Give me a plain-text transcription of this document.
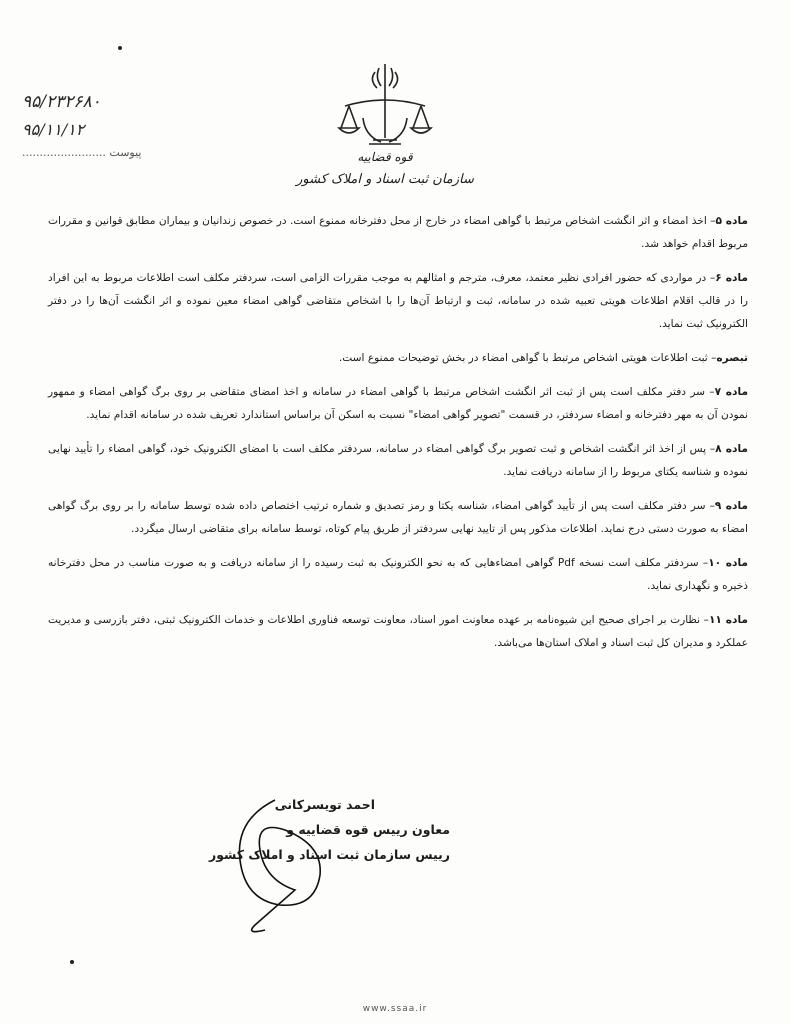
قوه قضاییه
سازمان ثبت اسناد و املاک کشور
۹۵/۲۳۲۶۸۰
۹۵/۱۱/۱۲
پیوست ........................

ماده ۵– اخذ امضاء و اثر انگشت اشخاص مرتبط با گواهی امضاء در خارج از محل دفترخانه ممنوع است. در خصوص زندانیان و بیماران مطابق قوانین و مقررات مربوط اقدام خواهد شد.

ماده ۶– در مواردی که حضور افرادی نظیر معتمد، معرف، مترجم و امثالهم به موجب مقررات الزامی است، سردفتر مکلف است اطلاعات مربوط به این افراد را در قالب اقلام اطلاعات هویتی تعبیه شده در سامانه، ثبت و ارتباط آن‌ها را با اشخاص متقاضی گواهی امضاء معین نموده و اثر انگشت آن‌ها را در دفتر الکترونیک ثبت نماید.

تبصره– ثبت اطلاعات هویتی اشخاص مرتبط با گواهی امضاء در بخش توضیحات ممنوع است.

ماده ۷– سر دفتر مکلف است پس از ثبت اثر انگشت اشخاص مرتبط با گواهی امضاء در سامانه و اخذ امضای متقاضی بر روی برگ گواهی امضاء و ممهور نمودن آن به مهر دفترخانه و امضاء سردفتر، در قسمت "تصویر گواهی امضاء" نسبت به اسکن آن براساس استاندارد تعریف شده در سامانه اقدام نماید.

ماده ۸– پس از اخذ اثر انگشت اشخاص و ثبت تصویر برگ گواهی امضاء در سامانه، سردفتر مکلف است با امضای الکترونیک خود، گواهی امضاء را تأیید نهایی نموده و شناسه یکتای مربوط را از سامانه دریافت نماید.

ماده ۹– سر دفتر مکلف است پس از تأیید گواهی امضاء، شناسه یکتا و رمز تصدیق و شماره ترتیب اختصاص داده شده توسط سامانه را بر روی برگ گواهی امضاء به صورت دستی درج نماید. اطلاعات مذکور پس از تایید نهایی سردفتر از طریق پیام کوتاه، توسط سامانه برای متقاضی ارسال میگردد.

ماده ۱۰– سردفتر مکلف است نسخه Pdf گواهی امضاءهایی که به نحو الکترونیک به ثبت رسیده را از سامانه دریافت و به صورت مناسب در محل دفترخانه ذخیره و نگهداری نماید.

ماده ۱۱– نظارت بر اجرای صحیح این شیوه‌نامه بر عهده معاونت امور اسناد، معاونت توسعه فناوری اطلاعات و خدمات الکترونیک ثبتی، دفتر بازرسی و مدیریت عملکرد و مدیران کل ثبت اسناد و املاک استان‌ها می‌باشد.

احمد تویسرکانی
معاون رییس قوه قضاییه و
رییس سازمان ثبت اسناد و املاک کشور
www.ssaa.ir
